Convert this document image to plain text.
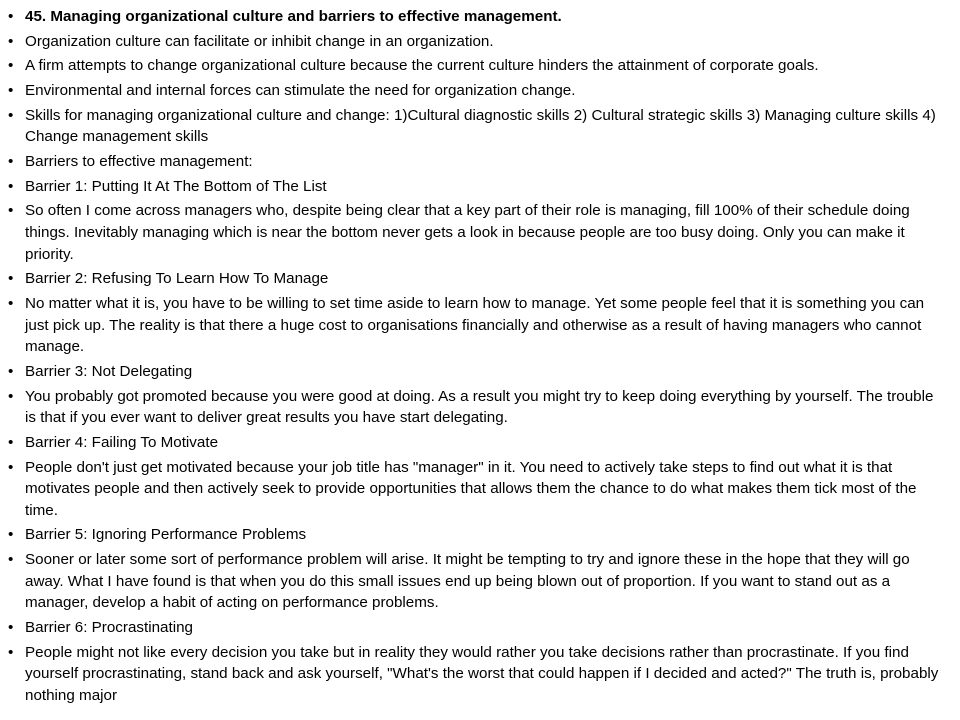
• 45. Managing organizational culture and barriers to effective management.
• Organization culture can facilitate or inhibit change in an organization.
• A firm attempts to change organizational culture because the current culture hinders the attainment of corporate goals.
• Environmental and internal forces can stimulate the need for organization change.
• Skills for managing organizational culture and change: 1)Cultural diagnostic skills 2) Cultural strategic skills 3) Managing culture skills 4) Change management skills
• Barriers to effective management:
• Barrier 1: Putting It At The Bottom of The List
• So often I come across managers who, despite being clear that a key part of their role is managing, fill 100% of their schedule doing things. Inevitably managing which is near the bottom never gets a look in because people are too busy doing. Only you can make it priority.
• Barrier 2: Refusing To Learn How To Manage
• No matter what it is, you have to be willing to set time aside to learn how to manage. Yet some people feel that it is something you can just pick up. The reality is that there a huge cost to organisations financially and otherwise as a result of having managers who cannot manage.
• Barrier 3: Not Delegating
• You probably got promoted because you were good at doing. As a result you might try to keep doing everything by yourself. The trouble is that if you ever want to deliver great results you have start delegating.
• Barrier 4: Failing To Motivate
• People don't just get motivated because your job title has "manager" in it. You need to actively take steps to find out what it is that motivates people and then actively seek to provide opportunities that allows them the chance to do what makes them tick most of the time.
• Barrier 5: Ignoring Performance Problems
• Sooner or later some sort of performance problem will arise. It might be tempting to try and ignore these in the hope that they will go away. What I have found is that when you do this small issues end up being blown out of proportion. If you want to stand out as a manager, develop a habit of acting on performance problems.
• Barrier 6: Procrastinating
• People might not like every decision you take but in reality they would rather you take decisions rather than procrastinate. If you find yourself procrastinating, stand back and ask yourself, "What's the worst that could happen if I decided and acted?" The truth is, probably nothing major
